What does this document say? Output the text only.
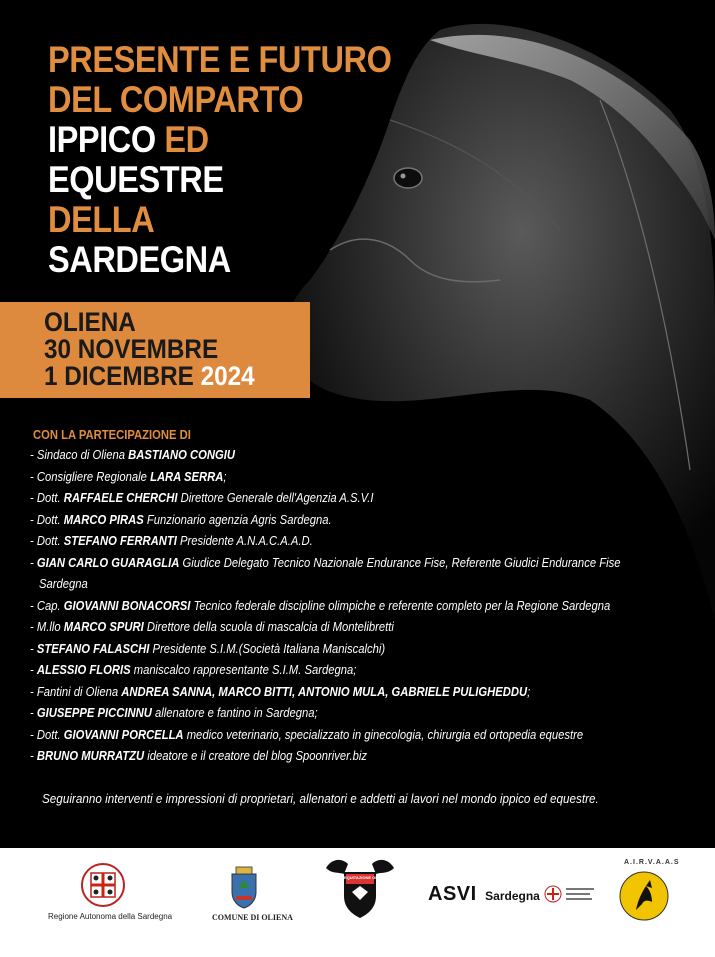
PRESENTE E FUTURO
DEL COMPARTO
IPPICO ED
EQUESTRE
DELLA
SARDEGNA
OLIENA
30 NOVEMBRE
1 DICEMBRE 2024
CON LA PARTECIPAZIONE DI
- Sindaco di Oliena BASTIANO CONGIU
- Consigliere Regionale LARA SERRA;
- Dott. RAFFAELE CHERCHI Direttore Generale dell'Agenzia A.S.V.I
- Dott. MARCO PIRAS Funzionario agenzia Agris Sardegna.
- Dott. STEFANO FERRANTI Presidente A.N.A.C.A.A.D.
- GIAN CARLO GUARAGLIA Giudice Delegato Tecnico Nazionale Endurance Fise, Referente Giudici Endurance Fise
Sardegna
- Cap. GIOVANNI BONACORSI Tecnico federale discipline olimpiche e referente completo per la Regione Sardegna
- M.llo MARCO SPURI Direttore della scuola di mascalcia di Montelibretti
- STEFANO FALASCHI Presidente S.I.M.(Società Italiana Maniscalchi)
- ALESSIO FLORIS maniscalco rappresentante S.I.M. Sardegna;
- Fantini di Oliena ANDREA SANNA, MARCO BITTI, ANTONIO MULA, GABRIELE PULIGHEDDU;
- GIUSEPPE PICCINNU allenatore e fantino in Sardegna;
- Dott. GIOVANNI PORCELLA medico veterinario, specializzato in ginecologia, chirurgia ed ortopedia equestre
- BRUNO MURRATZU ideatore e il creatore del blog Spoonriver.biz
Seguiranno interventi e impressioni di proprietari, allenatori e addetti ai lavori nel mondo ippico ed equestre.
Regione Autonoma della Sardegna	COMUNE DI OLIENA
EQUITAZIONE OLIANESE
ASVI Sardegna
A.I.R.V.A.A.S
